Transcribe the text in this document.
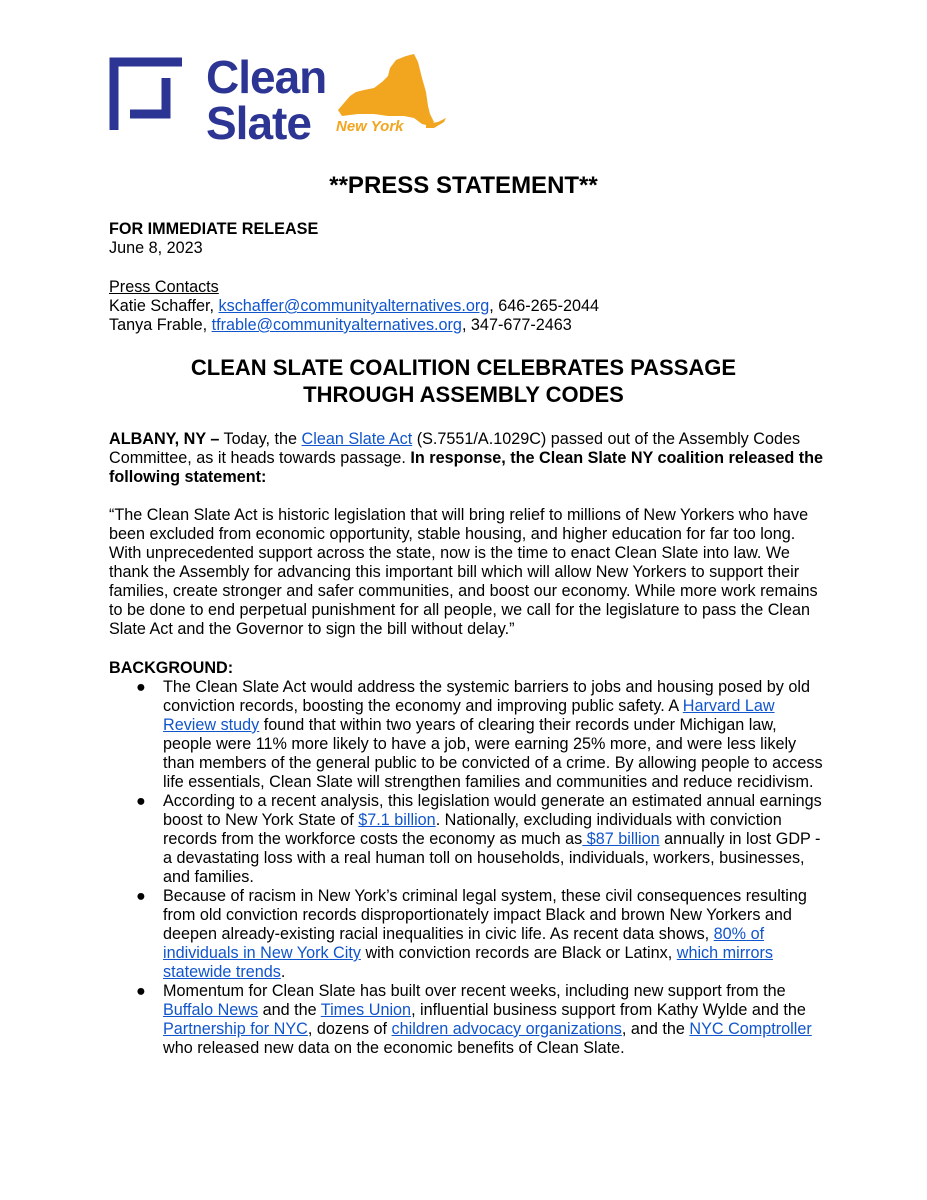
Clean
Slate New York
**PRESS STATEMENT**
FOR IMMEDIATE RELEASE
June 8, 2023
Press Contacts
Katie Schaffer, kschaffer@communityalternatives.org, 646-265-2044
Tanya Frable, tfrable@communityalternatives.org, 347-677-2463
CLEAN SLATE COALITION CELEBRATES PASSAGE
THROUGH ASSEMBLY CODES
ALBANY, NY – Today, the Clean Slate Act (S.7551/A.1029C) passed out of the Assembly Codes Committee, as it heads towards passage. In response, the Clean Slate NY coalition released the following statement:
“The Clean Slate Act is historic legislation that will bring relief to millions of New Yorkers who have been excluded from economic opportunity, stable housing, and higher education for far too long. With unprecedented support across the state, now is the time to enact Clean Slate into law. We thank the Assembly for advancing this important bill which will allow New Yorkers to support their families, create stronger and safer communities, and boost our economy. While more work remains to be done to end perpetual punishment for all people, we call for the legislature to pass the Clean Slate Act and the Governor to sign the bill without delay.”
BACKGROUND:
● The Clean Slate Act would address the systemic barriers to jobs and housing posed by old conviction records, boosting the economy and improving public safety. A Harvard Law Review study found that within two years of clearing their records under Michigan law, people were 11% more likely to have a job, were earning 25% more, and were less likely than members of the general public to be convicted of a crime. By allowing people to access life essentials, Clean Slate will strengthen families and communities and reduce recidivism.
● According to a recent analysis, this legislation would generate an estimated annual earnings boost to New York State of $7.1 billion. Nationally, excluding individuals with conviction records from the workforce costs the economy as much as $87 billion annually in lost GDP - a devastating loss with a real human toll on households, individuals, workers, businesses, and families.
● Because of racism in New York’s criminal legal system, these civil consequences resulting from old conviction records disproportionately impact Black and brown New Yorkers and deepen already-existing racial inequalities in civic life. As recent data shows, 80% of individuals in New York City with conviction records are Black or Latinx, which mirrors statewide trends.
● Momentum for Clean Slate has built over recent weeks, including new support from the Buffalo News and the Times Union, influential business support from Kathy Wylde and the Partnership for NYC, dozens of children advocacy organizations, and the NYC Comptroller who released new data on the economic benefits of Clean Slate.
